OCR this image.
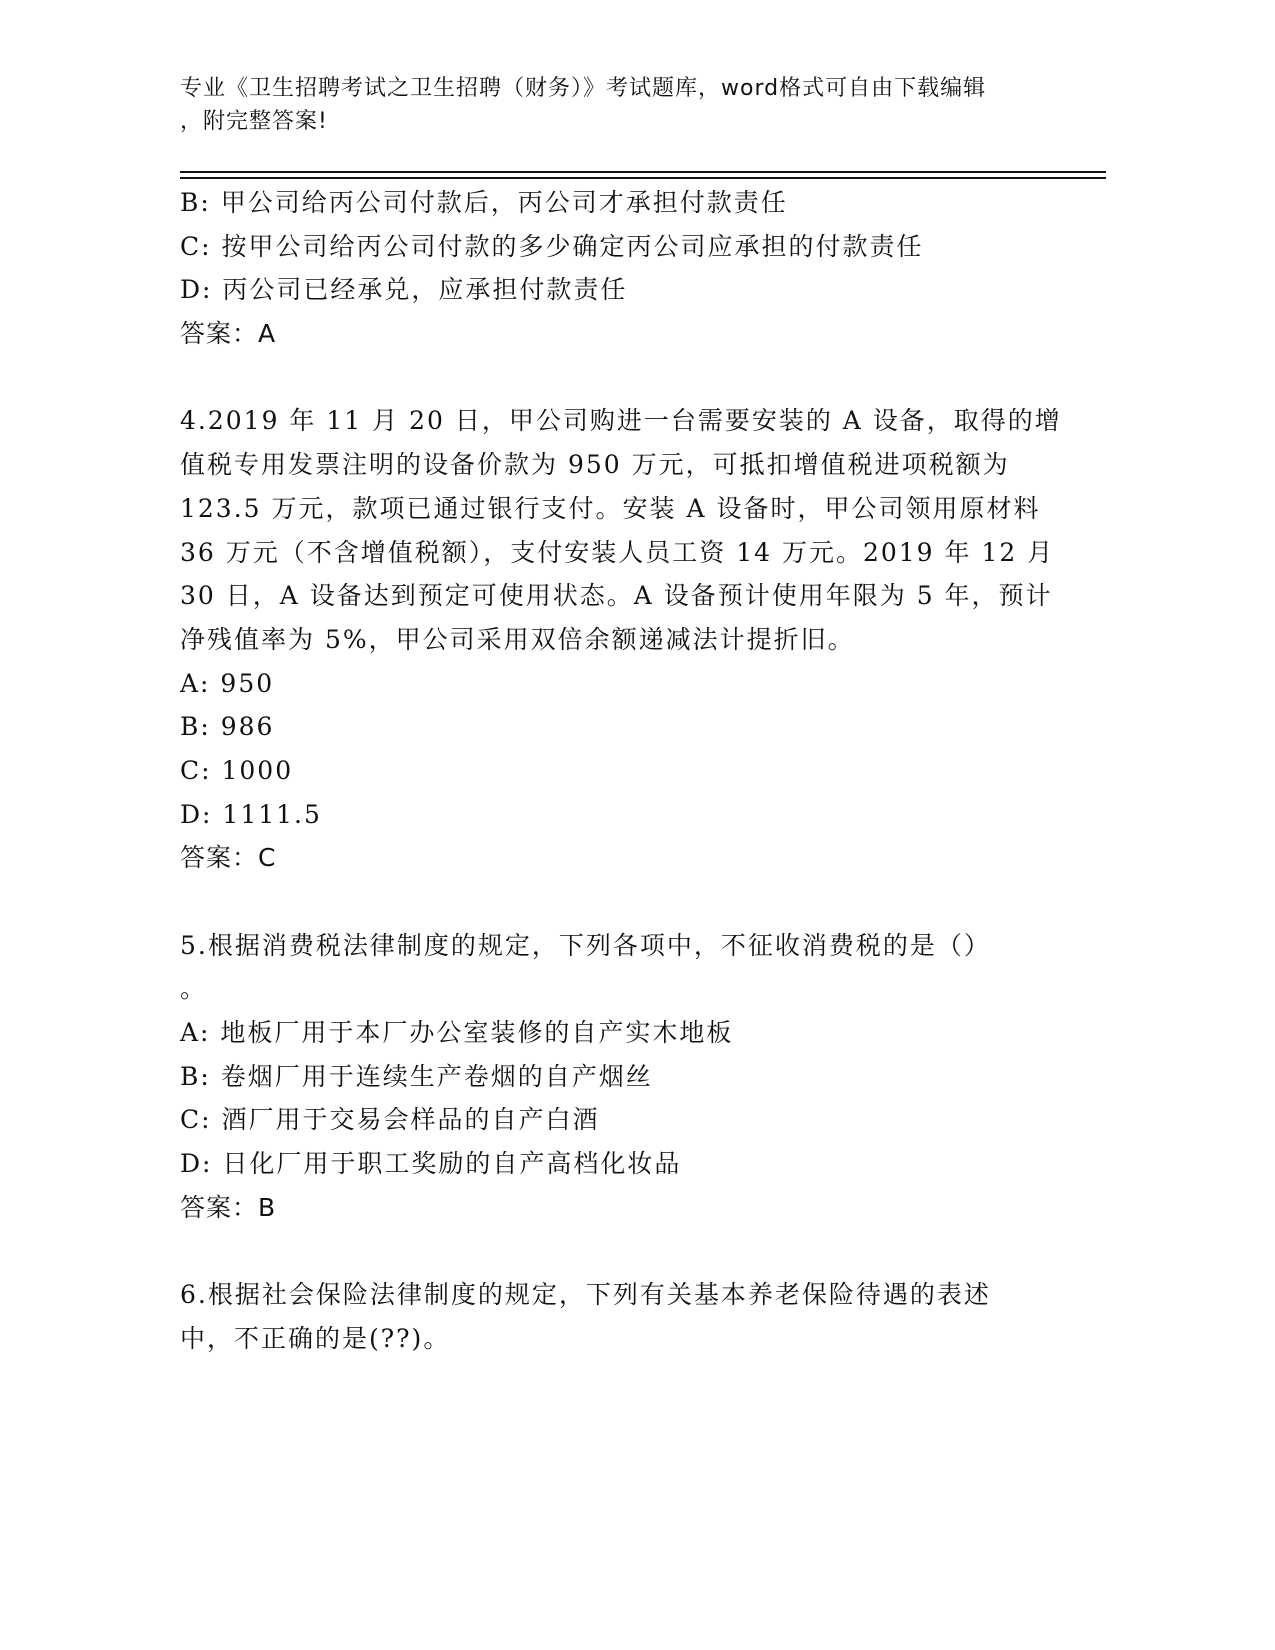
专业《卫生招聘考试之卫生招聘（财务）》考试题库，word格式可自由下载编辑
，附完整答案!
B: 甲公司给丙公司付款后，丙公司才承担付款责任
C: 按甲公司给丙公司付款的多少确定丙公司应承担的付款责任
D: 丙公司已经承兑，应承担付款责任
答案：A
4.2019 年 11 月 20 日，甲公司购进一台需要安装的 A 设备，取得的增
值税专用发票注明的设备价款为 950 万元，可抵扣增值税进项税额为
123.5 万元，款项已通过银行支付。安装 A 设备时，甲公司领用原材料
36 万元（不含增值税额），支付安装人员工资 14 万元。2019 年 12 月
30 日，A 设备达到预定可使用状态。A 设备预计使用年限为 5 年，预计
净残值率为 5%，甲公司采用双倍余额递减法计提折旧。
A: 950
B: 986
C: 1000
D: 1111.5
答案：C
5.根据消费税法律制度的规定，下列各项中，不征收消费税的是（）
。
A: 地板厂用于本厂办公室装修的自产实木地板
B: 卷烟厂用于连续生产卷烟的自产烟丝
C: 酒厂用于交易会样品的自产白酒
D: 日化厂用于职工奖励的自产高档化妆品
答案：B
6.根据社会保险法律制度的规定，下列有关基本养老保险待遇的表述
中，不正确的是(??)。
